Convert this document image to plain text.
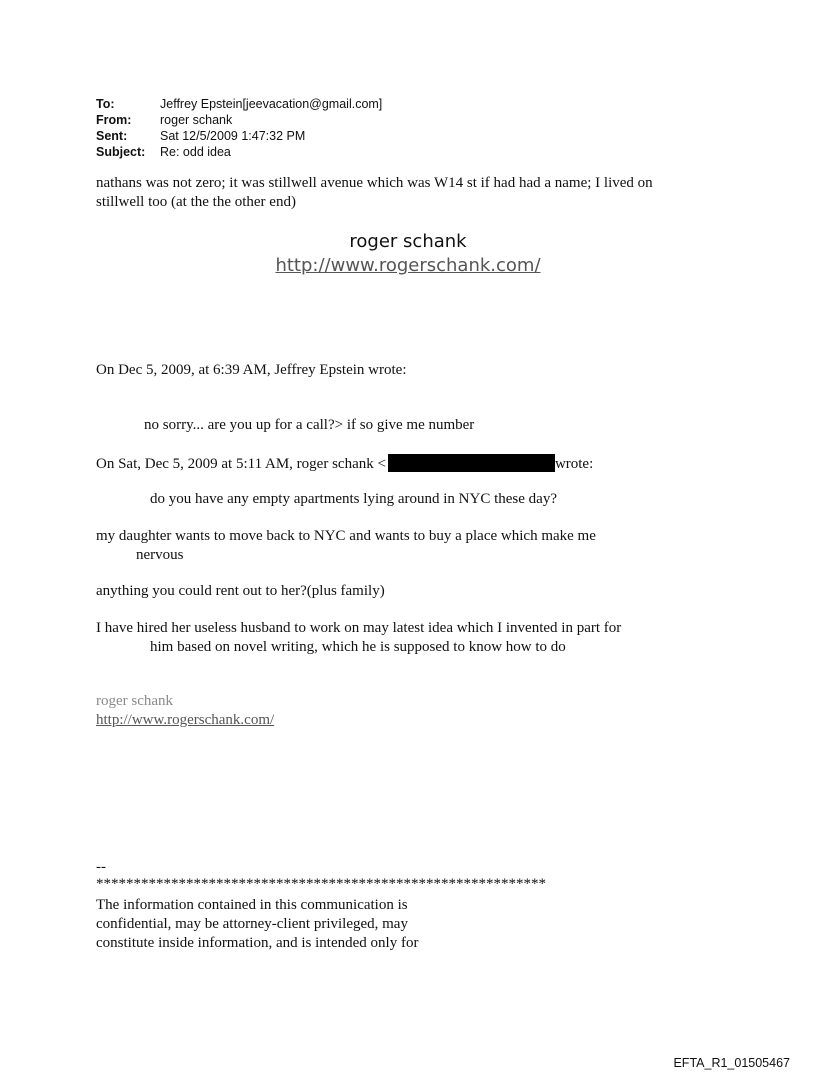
To:	Jeffrey Epstein[jeevacation@gmail.com]
From:	roger schank
Sent:	Sat 12/5/2009 1:47:32 PM
Subject:	Re: odd idea
nathans was not zero; it was stillwell avenue which was W14 st if had had a name; I lived on
stillwell too (at the the other end)
roger schank
http://www.rogerschank.com/
On Dec 5, 2009, at 6:39 AM, Jeffrey Epstein wrote:
no sorry... are you up for a call?> if so give me number
On Sat, Dec 5, 2009 at 5:11 AM, roger schank <	wrote:
do you have any empty apartments lying around in NYC these day?
my daughter wants to move back to NYC and wants to buy a place which make me
nervous
anything you could rent out to her?(plus family)
I have hired her useless husband to work on may latest idea which I invented in part for
him based on novel writing, which he is supposed to know how to do
roger schank
http://www.rogerschank.com/
--
************************************************************
The information contained in this communication is
confidential, may be attorney-client privileged, may
constitute inside information, and is intended only for
EFTA_R1_01505467
